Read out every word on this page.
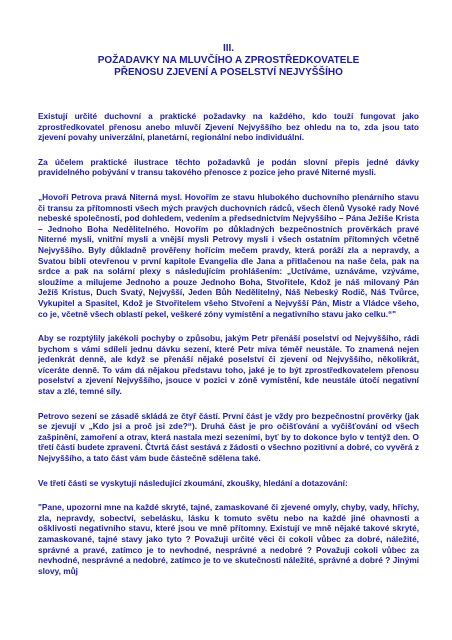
III.
POŽADAVKY NA MLUVČÍHO A ZPROSTŘEDKOVATELE
PŘENOSU ZJEVENÍ A POSELSTVÍ NEJVYŠŠÍHO

Existují určité duchovní a praktické požadavky na každého, kdo touží fungovat jako zprostředkovatel přenosu anebo mluvčí Zjevení Nejvyššího bez ohledu na to, zda jsou tato zjevení povahy univerzální, planetární, regionální nebo individuální.

Za účelem praktické ilustrace těchto požadavků je podán slovní přepis jedné dávky pravidelného pobývání v transu takového přenosce z pozice jeho pravé Niterné mysli.

„Hovoří Petrova pravá Niterná mysl. Hovořím ze stavu hlubokého duchovního plenárního stavu či transu za přítomnosti všech mých pravých duchovních rádců, všech členů Vysoké rady Nové nebeské společnosti, pod dohledem, vedením a předsednictvím Nejvyššího – Pána Ježíše Krista – Jednoho Boha Nedělitelného. Hovořím po důkladných bezpečnostních prověrkách pravé Niterné mysli, vnitřní mysli a vnější mysli Petrovy mysli i všech ostatním přítomných včetně Nejvyššího. Byly důkladně prověřeny hořícím mečem pravdy, která poráží zla a nepravdy, a Svatou bibli otevřenou v první kapitole Evangelia dle Jana a přitlačenou na naše čela, pak na srdce a pak na solární plexy s následujícím prohlášením: „Uctíváme, uznáváme, vzýváme, sloužíme a milujeme Jednoho a pouze Jednoho Boha, Stvořitele, Kdož je náš milovaný Pán Ježíš Kristus, Duch Svatý, Nejvyšší, Jeden Bůh Nedělitelný, Náš Nebeský Rodič, Náš Tvůrce, Vykupitel a Spasitel, Kdož je Stvořitelem všeho Stvoření a Nejvyšší Pán, Mistr a Vládce všeho, co je, včetně všech oblastí pekel, veškeré zóny vymístění a negativního stavu jako celku.“"

Aby se rozptýlily jakékoli pochyby o způsobu, jakým Petr přenáší poselství od Nejvyššího, rádi bychom s vámi sdíleli jednu dávku sezení, které Petr míva téměř neustále. To znamená nejen jedenkrát denně, ale když se přenáší nějaké poselství či zjevení od Nejvyššího, několikrát, víceráte denně. To vám dá nějakou představu toho, jaké je to být zprostředkovatelem přenosu poselství a zjevení Nejvyššího, jsouce v pozici v zóně vymístění, kde neustále útočí negativní stav a zlé, temné síly.

Petrovo sezení se zásadě skládá ze čtyř částí. První část je vždy pro bezpečnostní prověrky (jak se zjevují v „Kdo jsi a proč jsi zde?“). Druhá část je pro očišťování a vyčišťování od všech zašpinění, zamoření a otrav, která nastala mezi sezeními, byť by to dokonce bylo v tentýž den. O třetí části budete zpraveni. Čtvrtá část sestává z žádosti o všechno pozitivní a dobré, co vyvěrá z Nejvyššího, a tato část vám bude částečně sdělena také.

Ve třetí části se vyskytují následující zkoumání, zkoušky, hledání a dotazování:

"Pane, upozorni mne na každé skryté, tajné, zamaskované či zjevené omyly, chyby, vady, hříchy, zla, nepravdy, sobectví, sebelásku, lásku k tomuto světu nebo na každé jiné ohavnosti a ošklivosti negativního stavu, které jsou ve mně přítomny. Existují ve mně nějaké takové skryté, zamaskované, tajné stavy jako tyto ? Považuji určité věci či cokoli vůbec za dobré, náležité, správné a pravé, zatímco je to nevhodné, nesprávné a nedobré ? Považuji cokoli vůbec za nevhodné, nesprávné a nedobré, zatímco je to ve skutečnosti náležité, správné a dobré ? Jinými slovy, můj
